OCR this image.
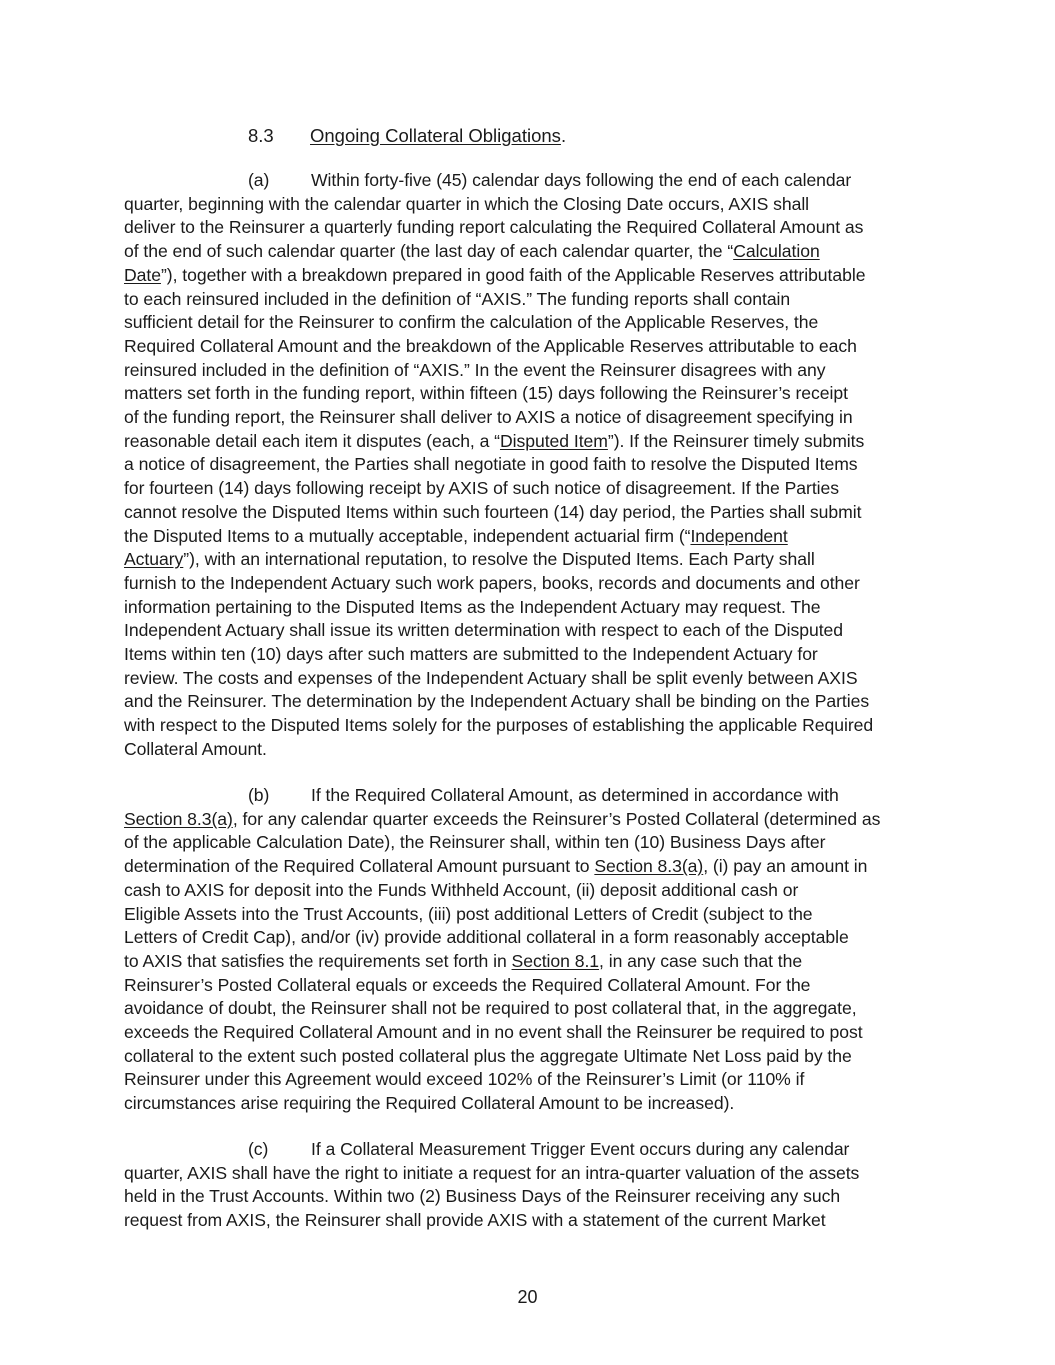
8.3 Ongoing Collateral Obligations.
(a) Within forty-five (45) calendar days following the end of each calendar
quarter, beginning with the calendar quarter in which the Closing Date occurs, AXIS shall
deliver to the Reinsurer a quarterly funding report calculating the Required Collateral Amount as
of the end of such calendar quarter (the last day of each calendar quarter, the “Calculation
Date”), together with a breakdown prepared in good faith of the Applicable Reserves attributable
to each reinsured included in the definition of “AXIS.” The funding reports shall contain
sufficient detail for the Reinsurer to confirm the calculation of the Applicable Reserves, the
Required Collateral Amount and the breakdown of the Applicable Reserves attributable to each
reinsured included in the definition of “AXIS.” In the event the Reinsurer disagrees with any
matters set forth in the funding report, within fifteen (15) days following the Reinsurer’s receipt
of the funding report, the Reinsurer shall deliver to AXIS a notice of disagreement specifying in
reasonable detail each item it disputes (each, a “Disputed Item”). If the Reinsurer timely submits
a notice of disagreement, the Parties shall negotiate in good faith to resolve the Disputed Items
for fourteen (14) days following receipt by AXIS of such notice of disagreement. If the Parties
cannot resolve the Disputed Items within such fourteen (14) day period, the Parties shall submit
the Disputed Items to a mutually acceptable, independent actuarial firm (“Independent
Actuary”), with an international reputation, to resolve the Disputed Items. Each Party shall
furnish to the Independent Actuary such work papers, books, records and documents and other
information pertaining to the Disputed Items as the Independent Actuary may request. The
Independent Actuary shall issue its written determination with respect to each of the Disputed
Items within ten (10) days after such matters are submitted to the Independent Actuary for
review. The costs and expenses of the Independent Actuary shall be split evenly between AXIS
and the Reinsurer. The determination by the Independent Actuary shall be binding on the Parties
with respect to the Disputed Items solely for the purposes of establishing the applicable Required
Collateral Amount.
(b) If the Required Collateral Amount, as determined in accordance with
Section 8.3(a), for any calendar quarter exceeds the Reinsurer’s Posted Collateral (determined as
of the applicable Calculation Date), the Reinsurer shall, within ten (10) Business Days after
determination of the Required Collateral Amount pursuant to Section 8.3(a), (i) pay an amount in
cash to AXIS for deposit into the Funds Withheld Account, (ii) deposit additional cash or
Eligible Assets into the Trust Accounts, (iii) post additional Letters of Credit (subject to the
Letters of Credit Cap), and/or (iv) provide additional collateral in a form reasonably acceptable
to AXIS that satisfies the requirements set forth in Section 8.1, in any case such that the
Reinsurer’s Posted Collateral equals or exceeds the Required Collateral Amount. For the
avoidance of doubt, the Reinsurer shall not be required to post collateral that, in the aggregate,
exceeds the Required Collateral Amount and in no event shall the Reinsurer be required to post
collateral to the extent such posted collateral plus the aggregate Ultimate Net Loss paid by the
Reinsurer under this Agreement would exceed 102% of the Reinsurer’s Limit (or 110% if
circumstances arise requiring the Required Collateral Amount to be increased).
(c) If a Collateral Measurement Trigger Event occurs during any calendar
quarter, AXIS shall have the right to initiate a request for an intra-quarter valuation of the assets
held in the Trust Accounts. Within two (2) Business Days of the Reinsurer receiving any such
request from AXIS, the Reinsurer shall provide AXIS with a statement of the current Market
20
